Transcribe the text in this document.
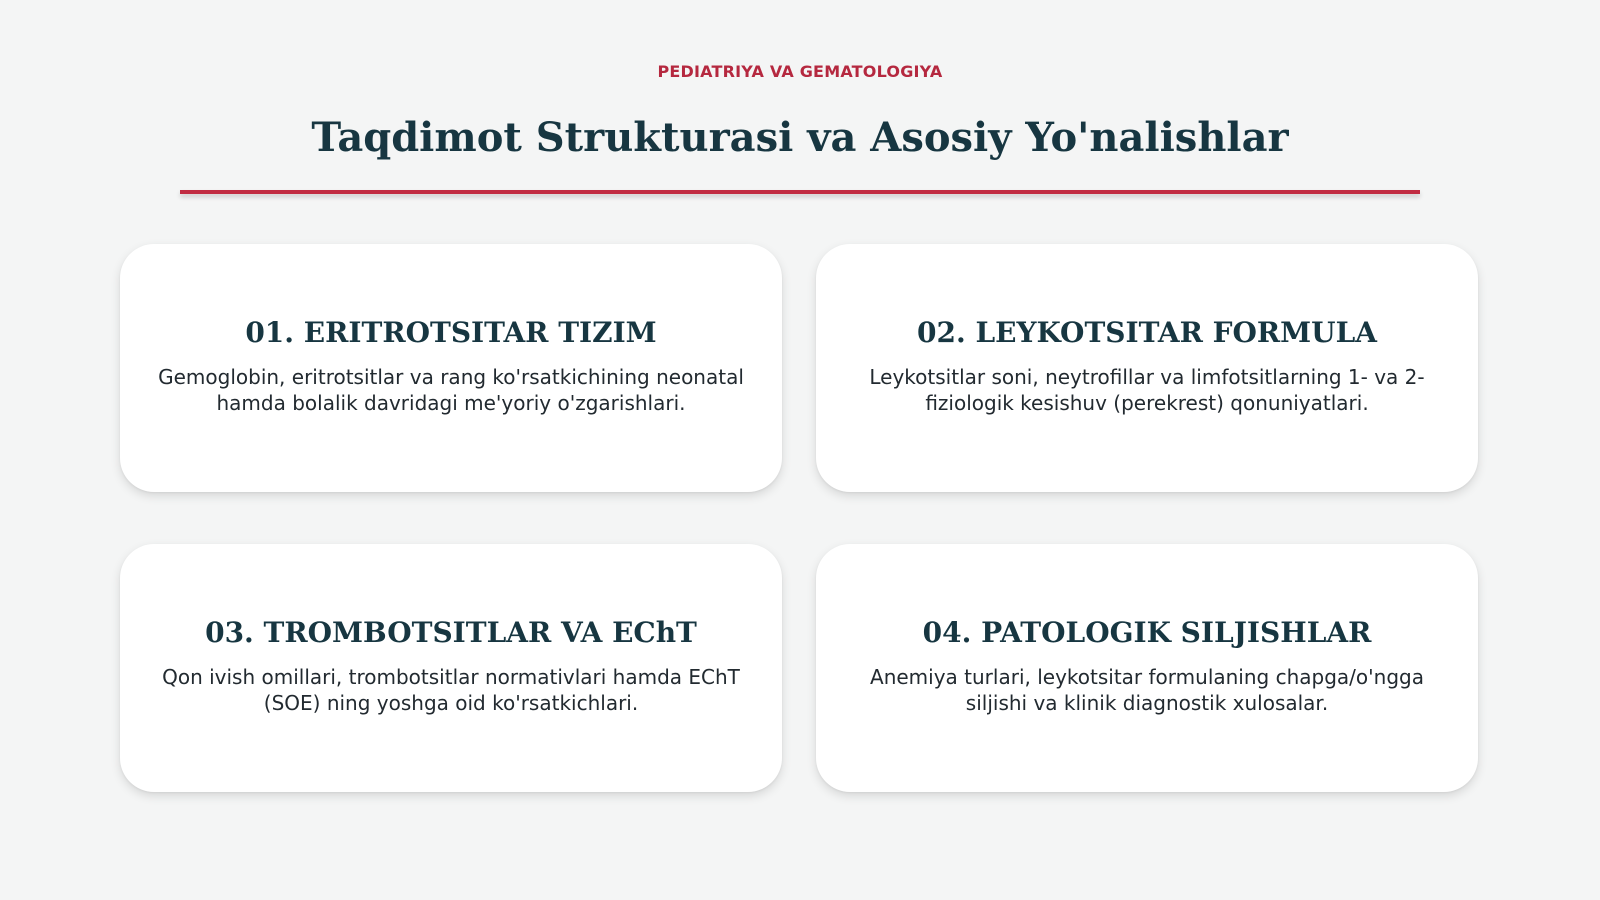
PEDIATRIYA VA GEMATOLOGIYA
Taqdimot Strukturasi va Asosiy Yo'nalishlar
01. ERITROTSITAR TIZIM

Gemoglobin, eritrotsitlar va rang ko'rsatkichining neonatal hamda bolalik davridagi me'yoriy o'zgarishlari.

02. LEYKOTSITAR FORMULA

Leykotsitlar soni, neytrofillar va limfotsitlarning 1- va 2-fiziologik kesishuv (perekrest) qonuniyatlari.

03. TROMBOTSITLAR VA EChT

Qon ivish omillari, trombotsitlar normativlari hamda EChT (SOE) ning yoshga oid ko'rsatkichlari.

04. PATOLOGIK SILJISHLAR

Anemiya turlari, leykotsitar formulaning chapga/o'ngga siljishi va klinik diagnostik xulosalar.
